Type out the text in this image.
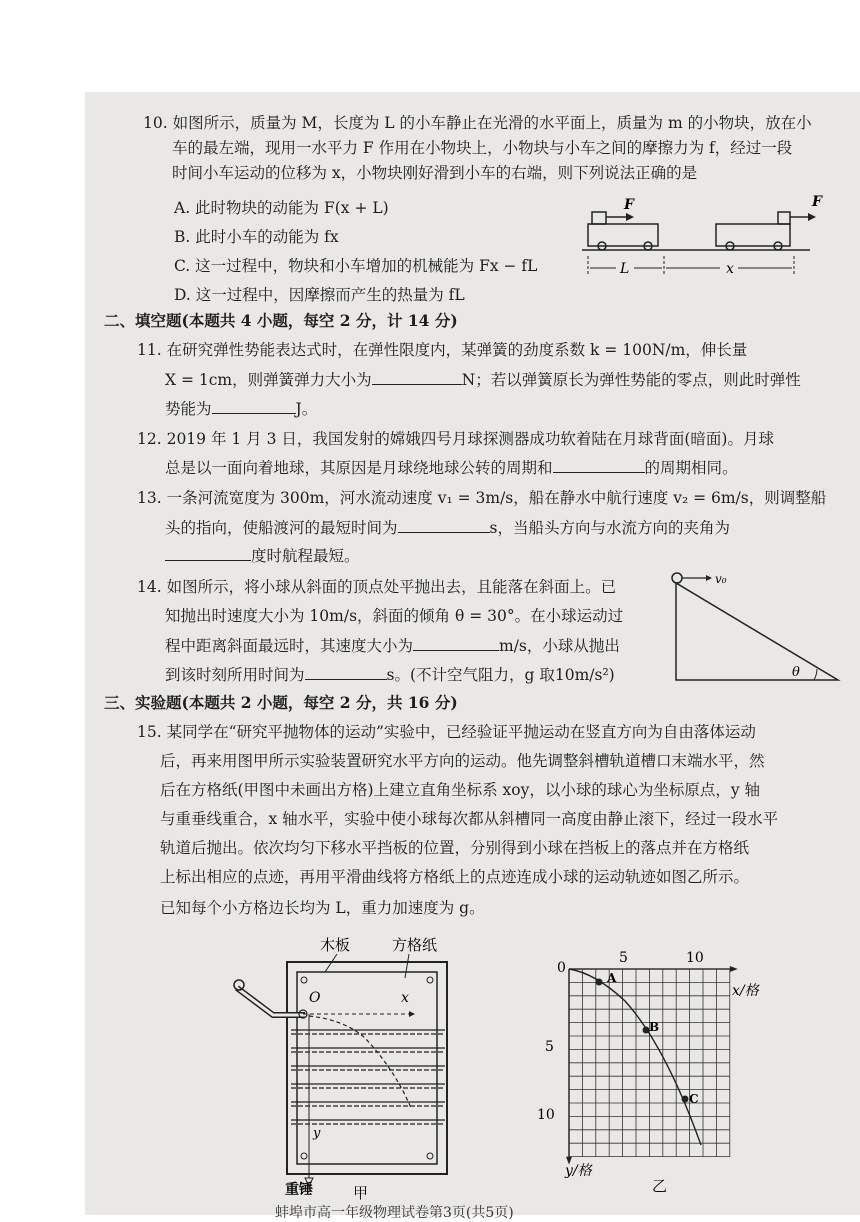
10. 如图所示，质量为 M，长度为 L 的小车静止在光滑的水平面上，质量为 m 的小物块，放在小
车的最左端，现用一水平力 F 作用在小物块上，小物块与小车之间的摩擦力为 f，经过一段
时间小车运动的位移为 x，小物块刚好滑到小车的右端，则下列说法正确的是
A. 此时物块的动能为 F(x + L)
B. 此时小车的动能为 fx
C. 这一过程中，物块和小车增加的机械能为 Fx − fL
D. 这一过程中，因摩擦而产生的热量为 fL
F	F
L	x
二、填空题(本题共 4 小题，每空 2 分，计 14 分)
11. 在研究弹性势能表达式时，在弹性限度内，某弹簧的劲度系数 k = 100N/m，伸长量
X = 1cm，则弹簧弹力大小为	N；若以弹簧原长为弹性势能的零点，则此时弹性
势能为	J。
12. 2019 年 1 月 3 日，我国发射的嫦娥四号月球探测器成功软着陆在月球背面(暗面)。月球
总是以一面向着地球，其原因是月球绕地球公转的周期和	的周期相同。
13. 一条河流宽度为 300m，河水流动速度 v₁ = 3m/s，船在静水中航行速度 v₂ = 6m/s，则调整船
头的指向，使船渡河的最短时间为	s，当船头方向与水流方向的夹角为
度时航程最短。
14. 如图所示，将小球从斜面的顶点处平抛出去，且能落在斜面上。已
知抛出时速度大小为 10m/s，斜面的倾角 θ = 30°。在小球运动过
程中距离斜面最远时，其速度大小为	m/s，小球从抛出
到该时刻所用时间为	s。(不计空气阻力，g 取10m/s²)
v₀
θ
三、实验题(本题共 2 小题，每空 2 分，共 16 分)
15. 某同学在“研究平抛物体的运动”实验中，已经验证平抛运动在竖直方向为自由落体运动
后，再来用图甲所示实验装置研究水平方向的运动。他先调整斜槽轨道槽口末端水平，然
后在方格纸(甲图中未画出方格)上建立直角坐标系 xoy，以小球的球心为坐标原点，y 轴
与重垂线重合，x 轴水平，实验中使小球每次都从斜槽同一高度由静止滚下，经过一段水平
轨道后抛出。依次均匀下移水平挡板的位置，分别得到小球在挡板上的落点并在方格纸
上标出相应的点迹，再用平滑曲线将方格纸上的点迹连成小球的运动轨迹如图乙所示。
已知每个小方格边长均为 L，重力加速度为 g。
木板	方格纸
O	x
y
重锤	甲
0
5	10
x/格
5
10
y/格
A
B
C
乙
蚌埠市高一年级物理试卷第3页(共5页)
